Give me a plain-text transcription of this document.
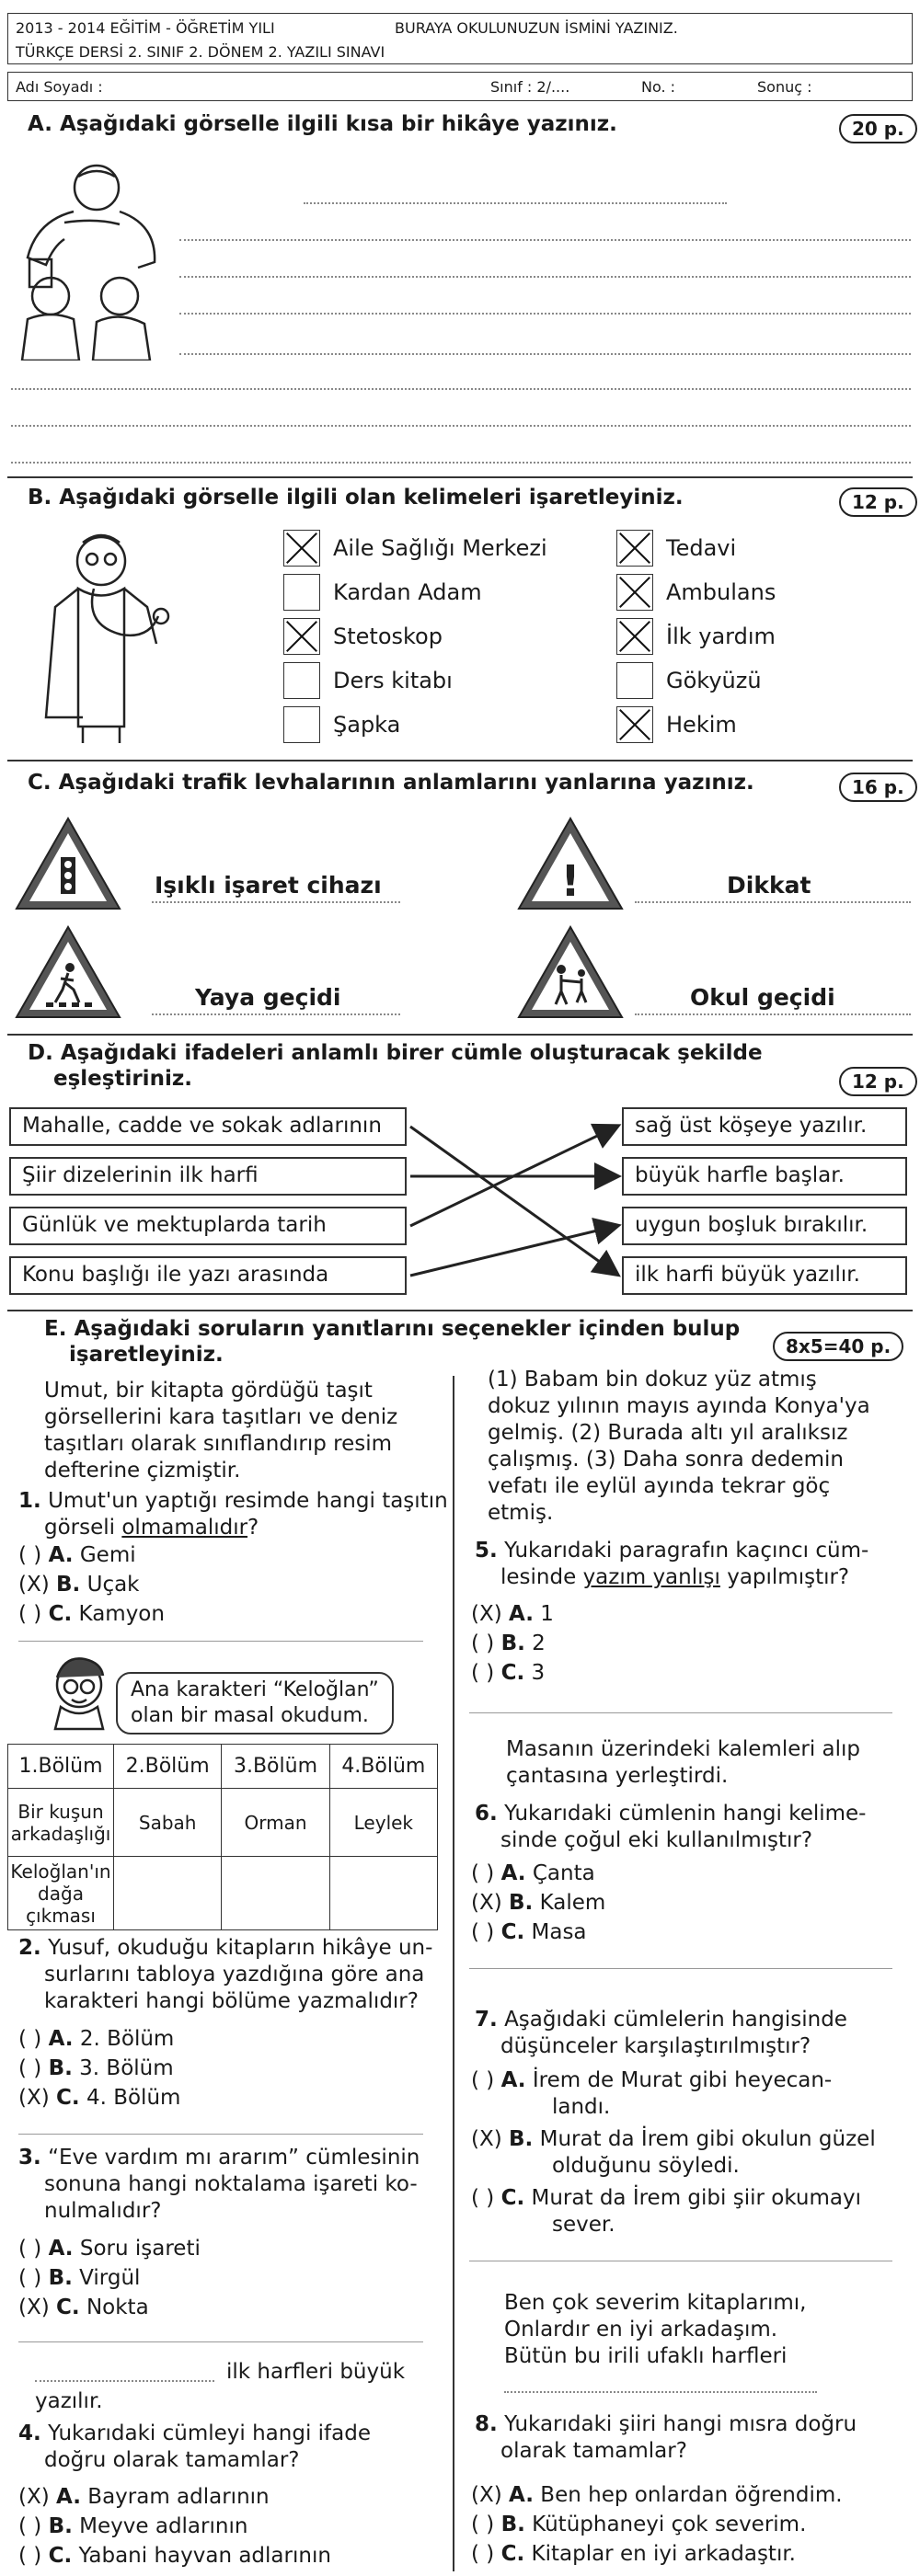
2013 - 2014 EĞİTİM - ÖĞRETİM YILI	BURAYA OKULUNUZUN İSMİNİ YAZINIZ.
TÜRKÇE DERSİ 2. SINIF 2. DÖNEM 2. YAZILI SINAVI
Adı Soyadı :	Sınıf : 2/....	No. :	Sonuç :
A. Aşağıdaki görselle ilgili kısa bir hikâye yazınız.	20 p.
B. Aşağıdaki görselle ilgili olan kelimeleri işaretleyiniz.	12 p.
Aile Sağlığı Merkezi
Kardan Adam
Stetoskop
Ders kitabı
Şapka
Tedavi
Ambulans
İlk yardım
Gökyüzü
Hekim
C. Aşağıdaki trafik levhalarının anlamlarını yanlarına yazınız.	16 p.
Işıklı işaret cihazı	!	Dikkat
Yaya geçidi	Okul geçidi
D. Aşağıdaki ifadeleri anlamlı birer cümle oluşturacak şekilde
eşleştiriniz.	12 p.
Mahalle, cadde ve sokak adlarının
Şiir dizelerinin ilk harfi
Günlük ve mektuplarda tarih
Konu başlığı ile yazı arasında
sağ üst köşeye yazılır.
büyük harfle başlar.
uygun boşluk bırakılır.
ilk harfi büyük yazılır.
E. Aşağıdaki soruların yanıtlarını seçenekler içinden bulup
işaretleyiniz.	8x5=40 p.
Umut, bir kitapta gördüğü taşıt
görsellerini kara taşıtları ve deniz
taşıtları olarak sınıflandırıp resim
defterine çizmiştir.
1. Umut'un yaptığı resimde hangi taşıtın
görseli olmamalıdır?
( ) A. Gemi
(X) B. Uçak
( ) C. Kamyon
Ana karakteri “Keloğlan”
olan bir masal okudum.
1.Bölüm	2.Bölüm	3.Bölüm	4.Bölüm
Bir kuşun arkadaşlığı	Sabah	Orman	Leylek
Keloğlan'ın dağa çıkması			
2. Yusuf, okuduğu kitapların hikâye un-
surlarını tabloya yazdığına göre ana
karakteri hangi bölüme yazmalıdır?
( ) A. 2. Bölüm
( ) B. 3. Bölüm
(X) C. 4. Bölüm
3. “Eve vardım mı ararım” cümlesinin
sonuna hangi noktalama işareti ko-
nulmalıdır?
( ) A. Soru işareti
( ) B. Virgül
(X) C. Nokta
ilk harfleri büyük
yazılır.
4. Yukarıdaki cümleyi hangi ifade
doğru olarak tamamlar?
(X) A. Bayram adlarının
( ) B. Meyve adlarının
( ) C. Yabani hayvan adlarının
(1) Babam bin dokuz yüz atmış
dokuz yılının mayıs ayında Konya'ya
gelmiş. (2) Burada altı yıl aralıksız
çalışmış. (3) Daha sonra dedemin
vefatı ile eylül ayında tekrar göç
etmiş.
5. Yukarıdaki paragrafın kaçıncı cüm-
lesinde yazım yanlışı yapılmıştır?
(X) A. 1
( ) B. 2
( ) C. 3
Masanın üzerindeki kalemleri alıp
çantasına yerleştirdi.
6. Yukarıdaki cümlenin hangi kelime-
sinde çoğul eki kullanılmıştır?
( ) A. Çanta
(X) B. Kalem
( ) C. Masa
7. Aşağıdaki cümlelerin hangisinde
düşünceler karşılaştırılmıştır?
( ) A. İrem de Murat gibi heyecan-
landı.
(X) B. Murat da İrem gibi okulun güzel
olduğunu söyledi.
( ) C. Murat da İrem gibi şiir okumayı
sever.
Ben çok severim kitaplarımı,
Onlardır en iyi arkadaşım.
Bütün bu irili ufaklı harfleri
8. Yukarıdaki şiiri hangi mısra doğru
olarak tamamlar?
(X) A. Ben hep onlardan öğrendim.
( ) B. Kütüphaneyi çok severim.
( ) C. Kitaplar en iyi arkadaştır.
